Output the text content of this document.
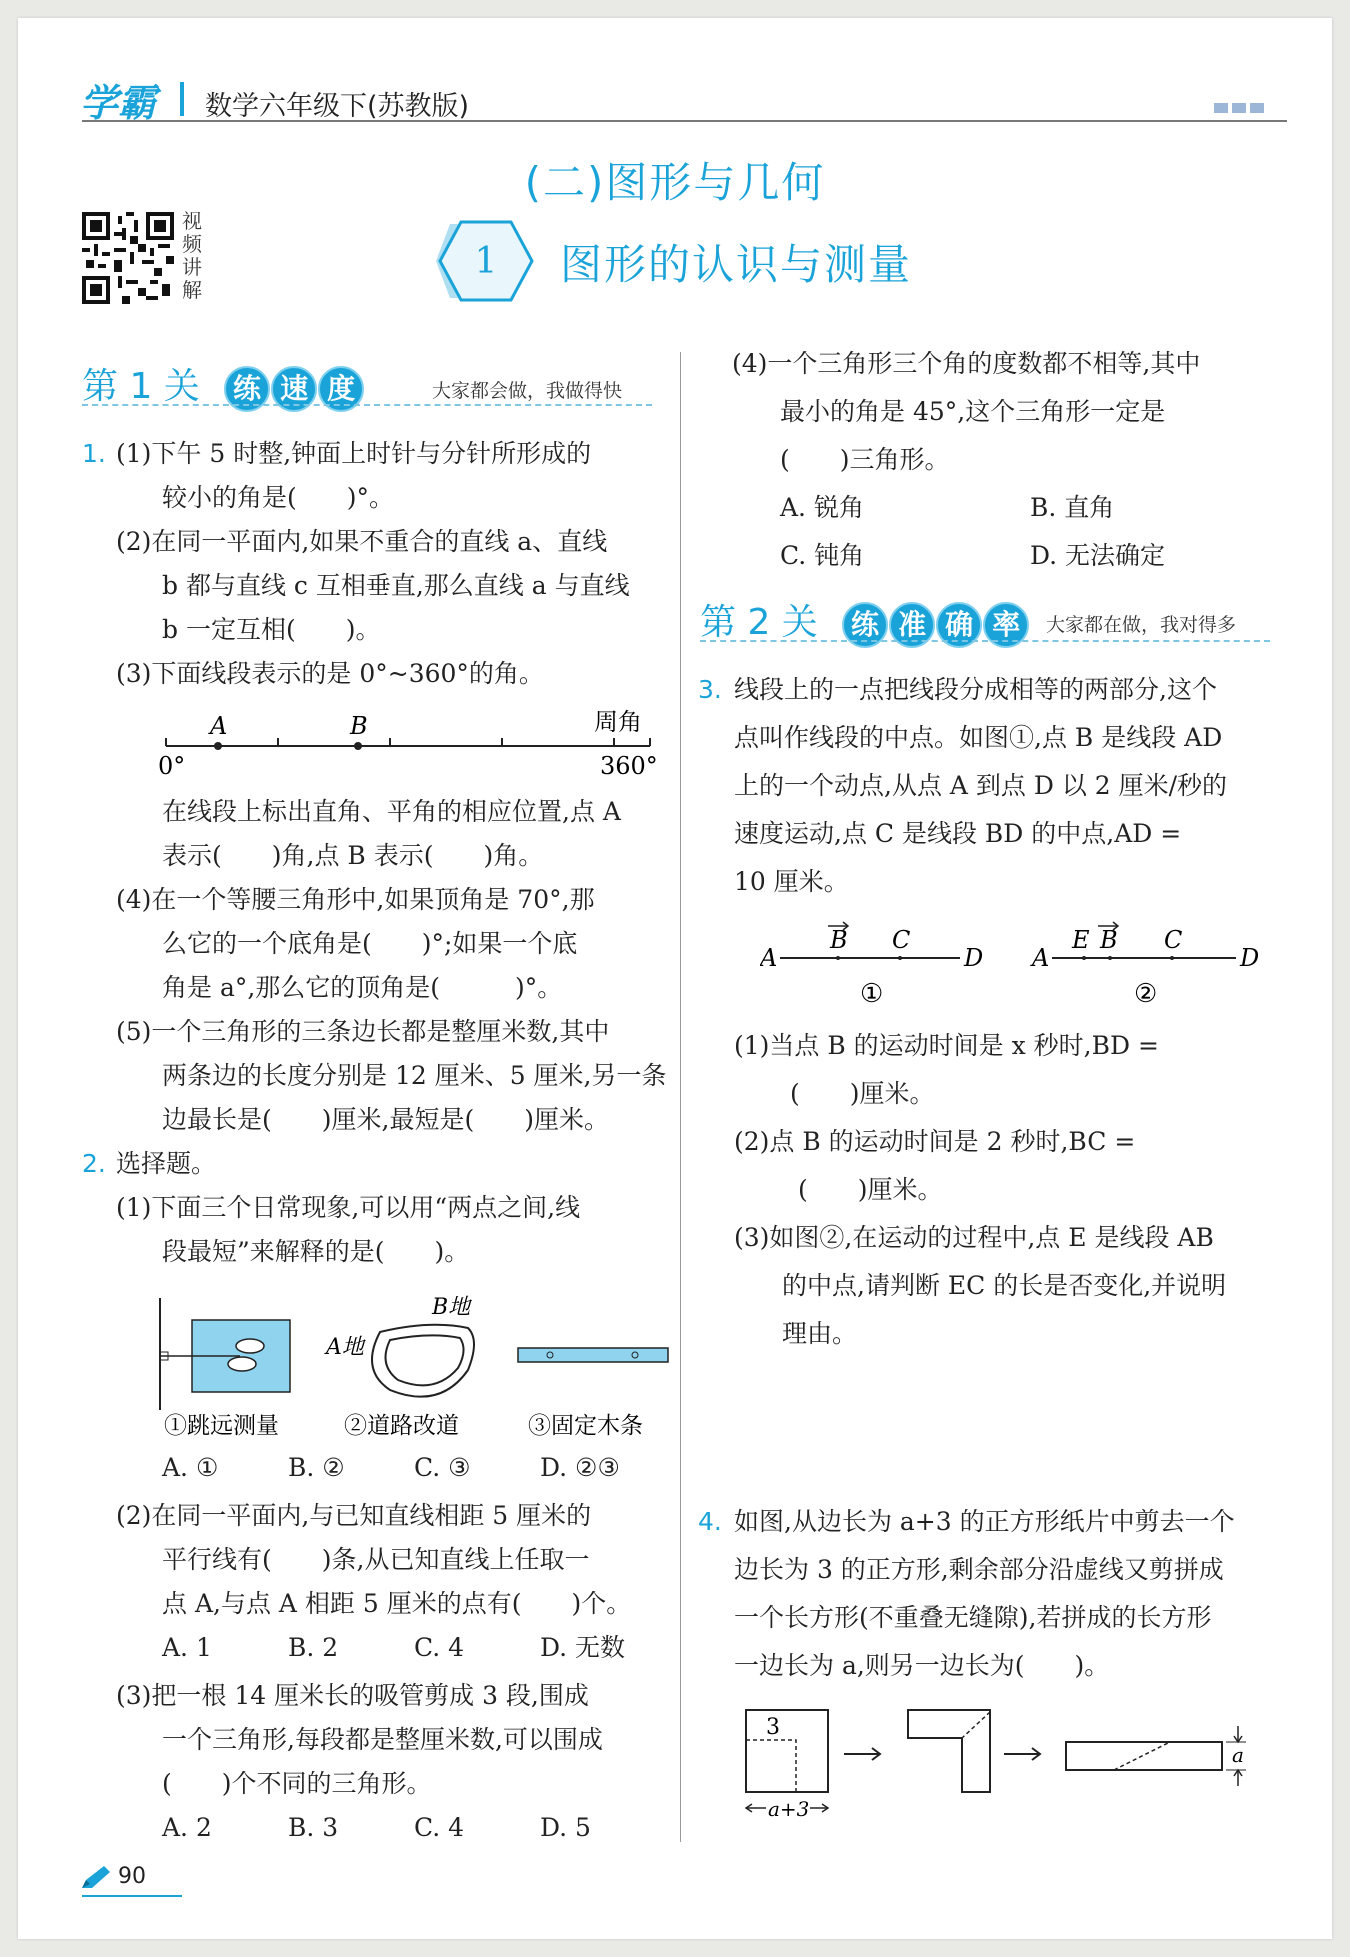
学霸 数学六年级下(苏教版)
(二)图形与几何
视频讲解
1 图形的认识与测量
第 1 关 练 速 度	大家都会做，我做得快
1. (1)下午 5 时整,钟面上时针与分针所形成的
较小的角是(　　)°。
(2)在同一平面内,如果不重合的直线 a、直线
b 都与直线 c 互相垂直,那么直线 a 与直线
b 一定互相(　　)。
(3)下面线段表示的是 0°~360°的角。
A	B	周角
0°	360°
在线段上标出直角、平角的相应位置,点 A
表示(　　)角,点 B 表示(　　)角。
(4)在一个等腰三角形中,如果顶角是 70°,那
么它的一个底角是(　　)°;如果一个底
角是 a°,那么它的顶角是(　　　)°。
(5)一个三角形的三条边长都是整厘米数,其中
两条边的长度分别是 12 厘米、5 厘米,另一条
边最长是(　　)厘米,最短是(　　)厘米。
2. 选择题。
(1)下面三个日常现象,可以用“两点之间,线
段最短”来解释的是(　　)。
B地
A地
①跳远测量	②道路改道	③固定木条
A. ①	B. ②	C. ③	D. ②③
(2)在同一平面内,与已知直线相距 5 厘米的
平行线有(　　)条,从已知直线上任取一
点 A,与点 A 相距 5 厘米的点有(　　)个。
A. 1	B. 2	C. 4	D. 无数
(3)把一根 14 厘米长的吸管剪成 3 段,围成
一个三角形,每段都是整厘米数,可以围成
(　　)个不同的三角形。
A. 2	B. 3	C. 4	D. 5
(4)一个三角形三个角的度数都不相等,其中
最小的角是 45°,这个三角形一定是
(　　)三角形。
A. 锐角	B. 直角
C. 钝角	D. 无法确定
第 2 关 练 准 确 率 大家都在做，我对得多
3. 线段上的一点把线段分成相等的两部分,这个
点叫作线段的中点。如图①,点 B 是线段 AD
上的一个动点,从点 A 到点 D 以 2 厘米/秒的
速度运动,点 C 是线段 BD 的中点,AD =
10 厘米。
A
B C
D
①
A
E B C
D
②
(1)当点 B 的运动时间是 x 秒时,BD =
(　　)厘米。
(2)点 B 的运动时间是 2 秒时,BC =
(　　)厘米。
(3)如图②,在运动的过程中,点 E 是线段 AB
的中点,请判断 EC 的长是否变化,并说明
理由。
4. 如图,从边长为 a+3 的正方形纸片中剪去一个
边长为 3 的正方形,剩余部分沿虚线又剪拼成
一个长方形(不重叠无缝隙),若拼成的长方形
一边长为 a,则另一边长为(　　)。
3
a+3
a
90
